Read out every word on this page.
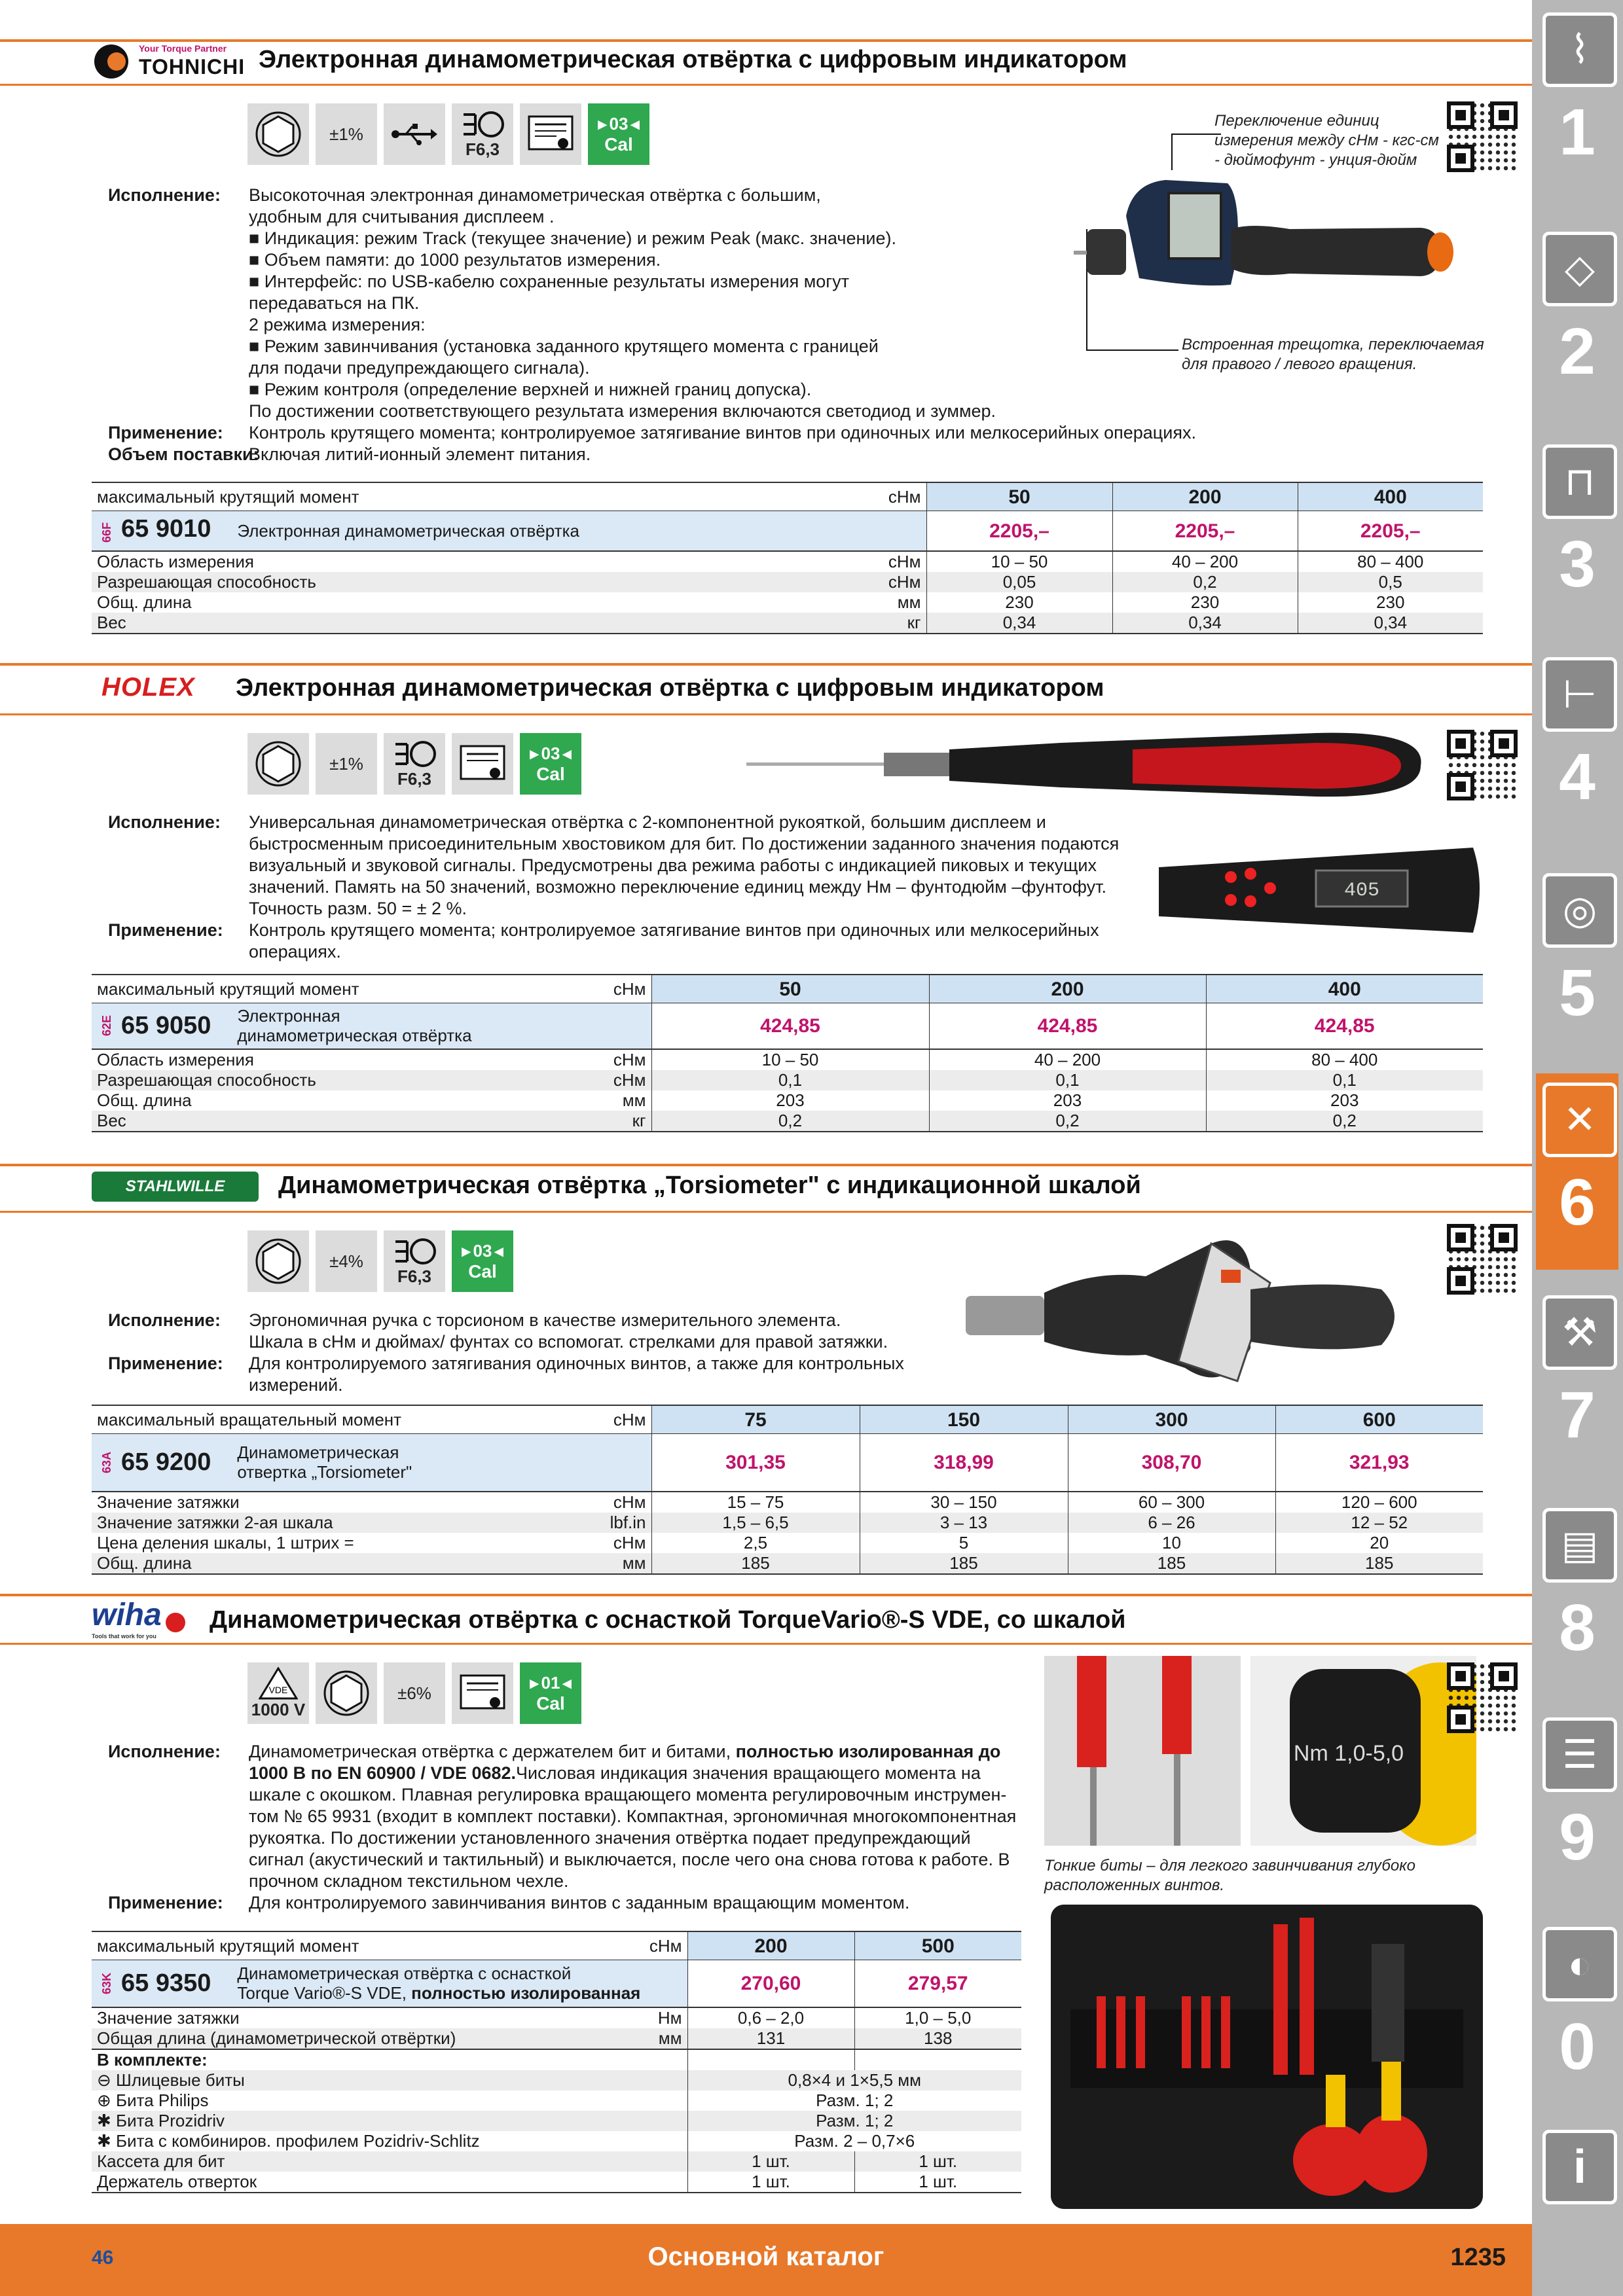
Your Torque Partner
TOHNICHI Электронная динамометрическая отвёртка с цифровым индикатором
±1%
F6,3
▸ 03 ◂
Cal
Исполнение:	Высокоточная электронная динамометрическая отвёртка с большим,
удобным для считывания дисплеем .
■ Индикация: режим Track (текущее значение) и режим Peak (макс. значение).
■ Объем памяти: до 1000 результатов измерения.
■ Интерфейс: по USB-кабелю сохраненные результаты измерения могут
передаваться на ПК.
2 режима измерения:
■ Режим завинчивания (установка заданного крутящего момента с границей
для подачи предупреждающего сигнала).
■ Режим контроля (определение верхней и нижней границ допуска).
По достижении соответствующего результата измерения включаются светодиод и зуммер.
Применение:	Контроль крутящего момента; контролируемое затягивание винтов при одиночных или мелкосерийных операциях.
Объем поставки:
Включая литий-ионный элемент питания.
Переключение единиц
измерения между сНм - кгс-см
- дюймофунт - унция-дюйм
Встроенная трещотка, переключаемая
для правого / левого вращения.
максимальный крутящий момент сНм	50	200	400
66F 65 9010 Электронная динамометрическая отвёртка	2205,–	2205,–	2205,–

Область измерения сНм	10 – 50	40 – 200	80 – 400

Разрешающая способность сНм	0,05	0,2	0,5

Общ. длина мм	230	230	230

Вес кг	0,34	0,34	0,34
HOLEX Электронная динамометрическая отвёртка с цифровым индикатором
±1%
F6,3
▸ 03 ◂
Cal
405
Исполнение:	Универсальная динамометрическая отвёртка с 2-компонентной рукояткой, большим дисплеем и
быстросменным присоединительным хвостовиком для бит. По достижении заданного значения подаются
визуальный и звуковой сигналы. Предусмотрены два режима работы с индикацией пиковых и текущих
значений. Память на 50 значений, возможно переключение единиц между Нм – фунтодюйм –фунтофут.
Точность разм. 50 = ± 2 %.
Применение:	Контроль крутящего момента; контролируемое затягивание винтов при одиночных или мелкосерийных
операциях.
максимальный крутящий момент сНм	50	200	400

62E 65 9050 Электронная
динамометрическая отвёртка	424,85	424,85	424,85

Область измерения сНм	10 – 50	40 – 200	80 – 400

Разрешающая способность сНм	0,1	0,1	0,1

Общ. длина мм	203	203	203

Вес кг	0,2	0,2	0,2
STAHLWILLE	Динамометрическая отвёртка „Torsiometer" с индикационной шкалой
±4%
F6,3
▸ 03 ◂
Cal
Исполнение:	Эргономичная ручка с торсионом в качестве измерительного элемента.
Шкала в сНм и дюймах/ фунтах со вспомогат. стрелками для правой затяжки.
Применение:	Для контролируемого затягивания одиночных винтов, а также для контрольных
измерений.
максимальный вращательный момент сНм	75	150	300	600

63A 65 9200 Динамометрическая
отвертка „Torsiometer"	301,35	318,99	308,70	321,93

Значение затяжки сНм	15 – 75	30 – 150	60 – 300	120 – 600

Значение затяжки 2-ая шкала lbf.in	1,5 – 6,5	3 – 13	6 – 26	12 – 52

Цена деления шкалы, 1 штрих = сНм	2,5	5	10	20

Общ. длина мм	185	185	185	185
wiha
Tools that work for you
Динамометрическая отвёртка с оснасткой TorqueVario®-S VDE, со шкалой
VDE
1000 V
±6%
▸ 01 ◂
Cal
Nm 1,0-5,0
Тонкие биты – для легкого завинчивания глубоко
расположенных винтов.
Исполнение:	Динамометрическая отвёртка с держателем бит и битами, полностью изолированная до 1000 В по EN 60900 / VDE 0682.Числовая индикация значения вращающего момента на шкале с окошком. Плавная регулировка вращающего момента регулировочным инструмен-том № 65 9931 (входит в комплект поставки). Компактная, эргономичная многокомпонентная рукоятка. По достижении установленного значения отвёртка подает предупреждающий сигнал (акустический и тактильный) и выключается, после чего она снова готова к работе. В прочном складном текстильном чехле.
Применение:	Для контролируемого завинчивания винтов с заданным вращающим моментом.
максимальный крутящий момент сНм	200	500

63K 65 9350 Динамометрическая отвёртка с оснасткой
Torque Vario®-S VDE, полностью изолированная	270,60	279,57

Значение затяжки Нм	0,6 – 2,0	1,0 – 5,0

Общая длина (динамометрической отвёртки) мм	131	138
В комплекте:		
⊖ Шлицевые биты	0,8×4 и 1×5,5 мм	
⊕ Бита Philips	Разм. 1; 2	
✱ Бита Prozidriv	Разм. 1; 2	
✱ Бита с комбиниров. профилем Pozidriv-Schlitz	Разм. 2 – 0,7×6	
Кассета для бит	1 шт.	1 шт.
Держатель отверток	1 шт.	1 шт.
46	Основной каталог	1235
⌇
1
◇
2
⊓
3
⊢
4
◎
5
✕
6
⚒
7
▤
8
☰
9
◐
0
i
